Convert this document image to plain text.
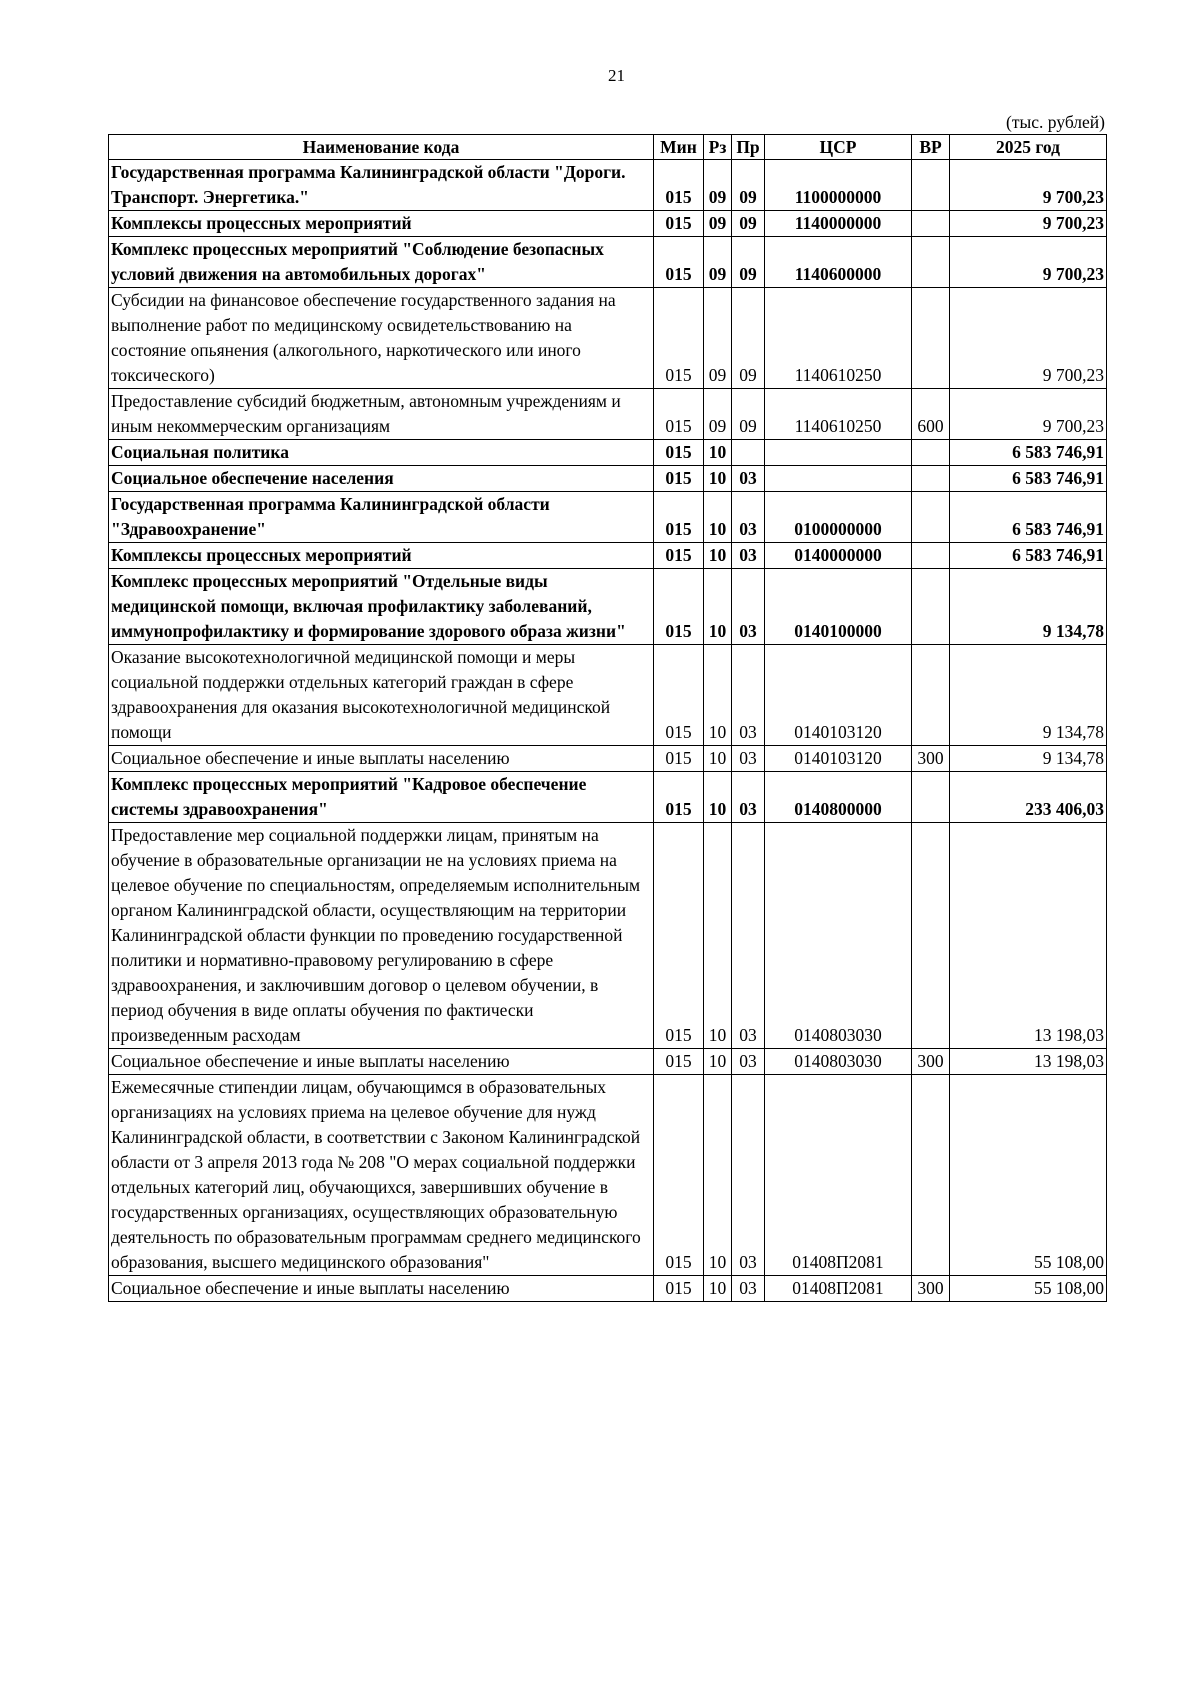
21
(тыс. рублей)
Наименование кода	Мин	Рз	Пр	ЦСР	ВР	2025 год
Государственная программа Калининградской области "Дороги. Транспорт. Энергетика."	015	09	09	1100000000		9 700,23
Комплексы процессных мероприятий	015	09	09	1140000000		9 700,23
Комплекс процессных мероприятий "Соблюдение безопасных условий движения на автомобильных дорогах"	015	09	09	1140600000		9 700,23
Субсидии на финансовое обеспечение государственного задания на выполнение работ по медицинскому освидетельствованию на состояние опьянения (алкогольного, наркотического или иного токсического)	015	09	09	1140610250		9 700,23
Предоставление субсидий бюджетным, автономным учреждениям и иным некоммерческим организациям	015	09	09	1140610250	600	9 700,23
Социальная политика	015	10				6 583 746,91
Социальное обеспечение населения	015	10	03			6 583 746,91
Государственная программа Калининградской области "Здравоохранение"	015	10	03	0100000000		6 583 746,91
Комплексы процессных мероприятий	015	10	03	0140000000		6 583 746,91
Комплекс процессных мероприятий "Отдельные виды медицинской помощи, включая профилактику заболеваний, иммунопрофилактику и формирование здорового образа жизни"	015	10	03	0140100000		9 134,78
Оказание высокотехнологичной медицинской помощи и меры социальной поддержки отдельных категорий граждан в сфере здравоохранения для оказания высокотехнологичной медицинской помощи	015	10	03	0140103120		9 134,78
Социальное обеспечение и иные выплаты населению	015	10	03	0140103120	300	9 134,78
Комплекс процессных мероприятий "Кадровое обеспечение системы здравоохранения"	015	10	03	0140800000		233 406,03
Предоставление мер социальной поддержки лицам, принятым на обучение в образовательные организации не на условиях приема на целевое обучение по специальностям, определяемым исполнительным органом Калининградской области, осуществляющим на территории Калининградской области функции по проведению государственной политики и нормативно-правовому регулированию в сфере здравоохранения, и заключившим договор о целевом обучении, в период обучения в виде оплаты обучения по фактически произведенным расходам	015	10	03	0140803030		13 198,03
Социальное обеспечение и иные выплаты населению	015	10	03	0140803030	300	13 198,03
Ежемесячные стипендии лицам, обучающимся в образовательных организациях на условиях приема на целевое обучение для нужд Калининградской области, в соответствии с Законом Калининградской области от 3 апреля 2013 года № 208 "О мерах социальной поддержки отдельных категорий лиц, обучающихся, завершивших обучение в государственных организациях, осуществляющих образовательную деятельность по образовательным программам среднего медицинского образования, высшего медицинского образования"	015	10	03	01408П2081		55 108,00
Социальное обеспечение и иные выплаты населению	015	10	03	01408П2081	300	55 108,00
